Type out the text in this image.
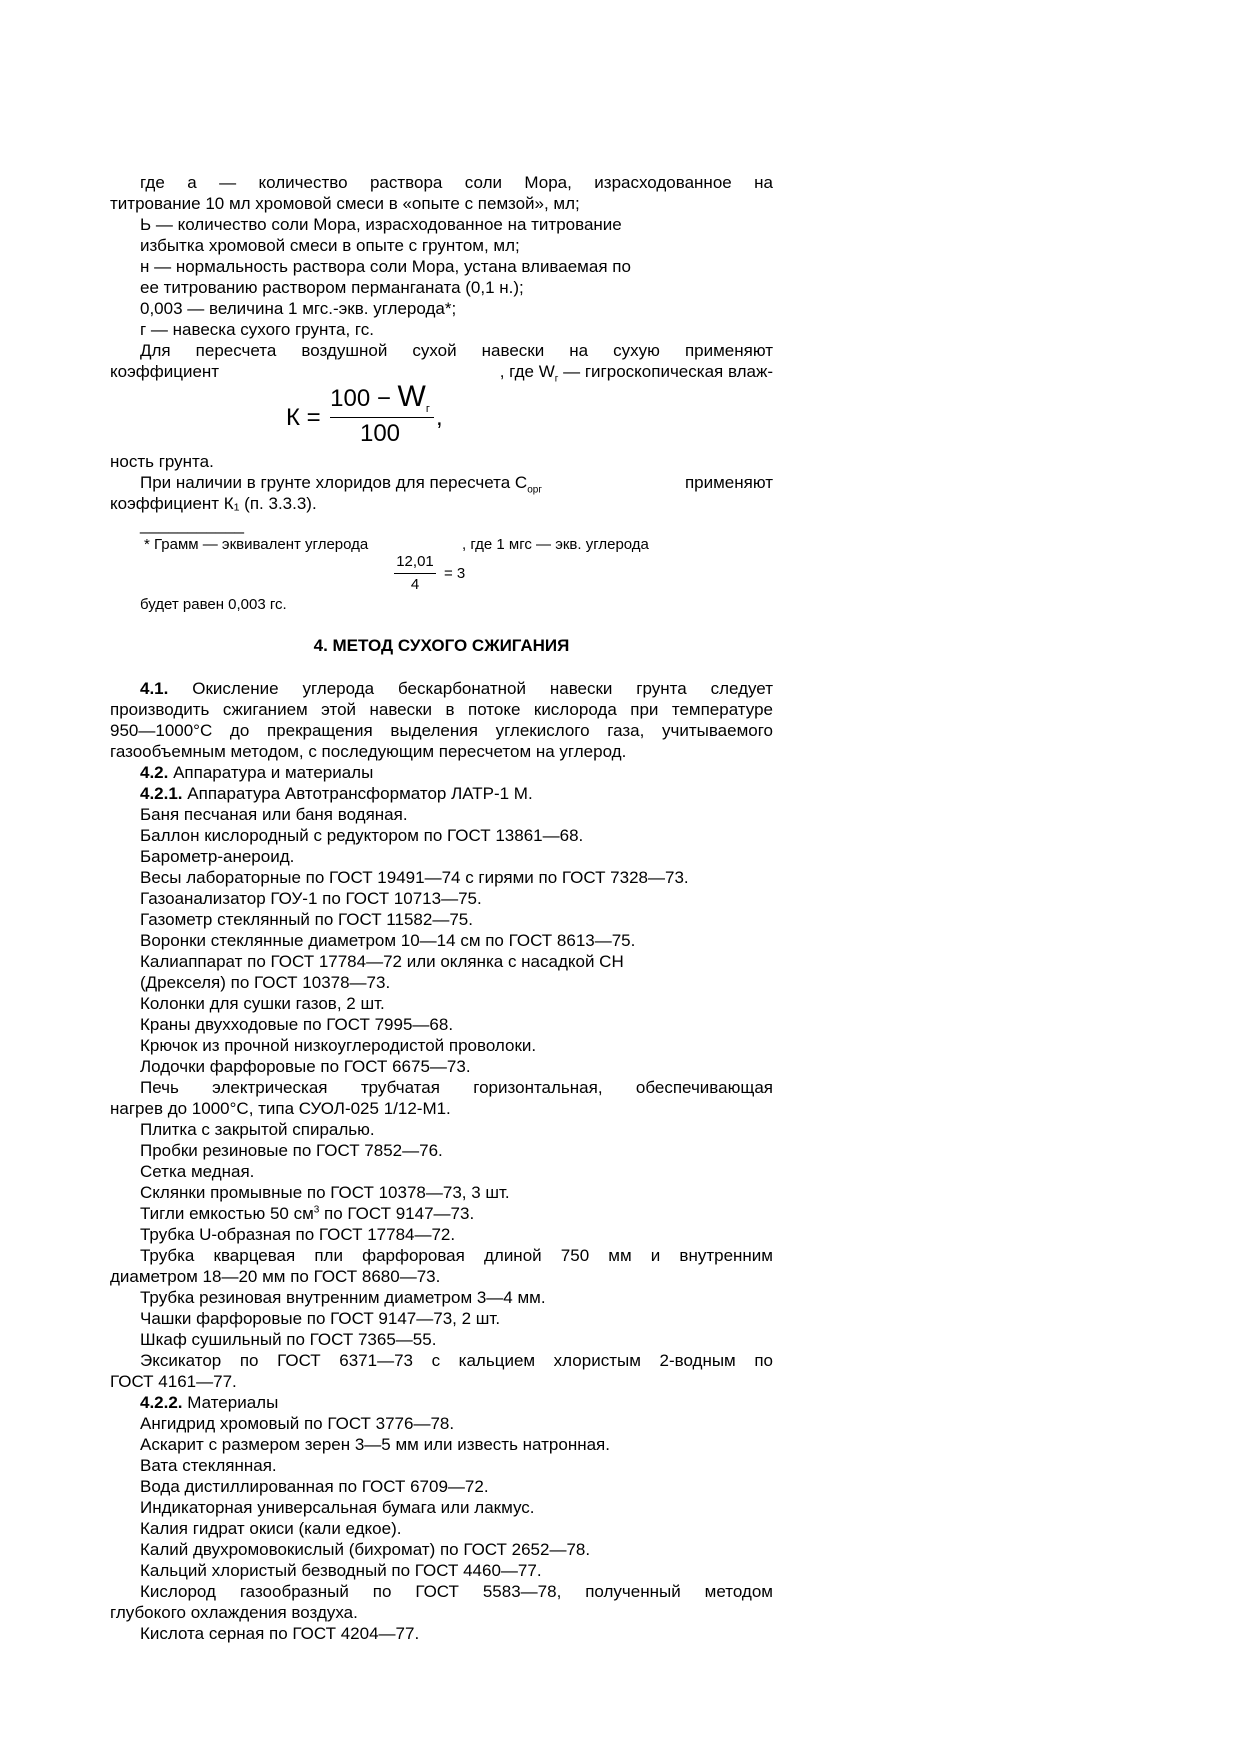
где а — количество раствора соли Мора, израсходованное на

титрование 10 мл хромовой смеси в «опыте с пемзой», мл;

Ь — количество соли Мора, израсходованное на титрование

избытка хромовой смеси в опыте с грунтом, мл;

н — нормальность раствора соли Мора, устана вливаемая по

ее титрованию раствором перманганата (0,1 н.);

0,003 — величина 1 мгс.-экв. углерода*;

г — навеска сухого грунта, гс.

Для пересчета воздушной сухой навески на сухую применяют

коэффициент	, где $W_г$ — гигроскопическая влаж-

К =
$100 - W_г$
100
,

ность грунта.

При наличии в грунте хлоридов для пересчета $С_{орг}$	применяют

коэффициент К₁ (п. 3.3.3).

___________
* Грамм — эквивалент углерода	, где 1 мгс — экв. углерода
12,01
4
= 3
будет равен 0,003 гс.
4. МЕТОД СУХОГО СЖИГАНИЯ

4.1. Окисление углерода бескарбонатной навески грунта следует

производить сжиганием этой навески в потоке кислорода при температуре

950—1000°С до прекращения выделения углекислого газа, учитываемого

газообъемным методом, с последующим пересчетом на углерод.

4.2. Аппаратура и материалы

4.2.1. Аппаратура Автотрансформатор ЛАТР-1 М.

Баня песчаная или баня водяная.

Баллон кислородный с редуктором по ГОСТ 13861—68.

Барометр-анероид.

Весы лабораторные по ГОСТ 19491—74 с гирями по ГОСТ 7328—73.

Газоанализатор ГОУ-1 по ГОСТ 10713—75.

Газометр стеклянный по ГОСТ 11582—75.

Воронки стеклянные диаметром 10—14 см по ГОСТ 8613—75.

Калиаппарат по ГОСТ 17784—72 или оклянка с насадкой СН

(Дрекселя) по ГОСТ 10378—73.

Колонки для сушки газов, 2 шт.

Краны двухходовые по ГОСТ 7995—68.

Крючок из прочной низкоуглеродистой проволоки.

Лодочки фарфоровые по ГОСТ 6675—73.

Печь электрическая трубчатая горизонтальная, обеспечивающая

нагрев до 1000°С, типа СУОЛ-025 1/12-М1.

Плитка с закрытой спиралью.

Пробки резиновые по ГОСТ 7852—76.

Сетка медная.

Склянки промывные по ГОСТ 10378—73, 3 шт.

Тигли емкостью 50 $см^3$ по ГОСТ 9147—73.

Трубка U-образная по ГОСТ 17784—72.

Трубка кварцевая пли фарфоровая длиной 750 мм и внутренним

диаметром 18—20 мм по ГОСТ 8680—73.

Трубка резиновая внутренним диаметром 3—4 мм.

Чашки фарфоровые по ГОСТ 9147—73, 2 шт.

Шкаф сушильный по ГОСТ 7365—55.

Эксикатор по ГОСТ 6371—73 с кальцием хлористым 2-водным по

ГОСТ 4161—77.

4.2.2. Материалы

Ангидрид хромовый по ГОСТ 3776—78.

Аскарит с размером зерен 3—5 мм или известь натронная.

Вата стеклянная.

Вода дистиллированная по ГОСТ 6709—72.

Индикаторная универсальная бумага или лакмус.

Калия гидрат окиси (кали едкое).

Калий двухромовокислый (бихромат) по ГОСТ 2652—78.

Кальций хлористый безводный по ГОСТ 4460—77.

Кислород газообразный по ГОСТ 5583—78, полученный методом

глубокого охлаждения воздуха.

Кислота серная по ГОСТ 4204—77.
